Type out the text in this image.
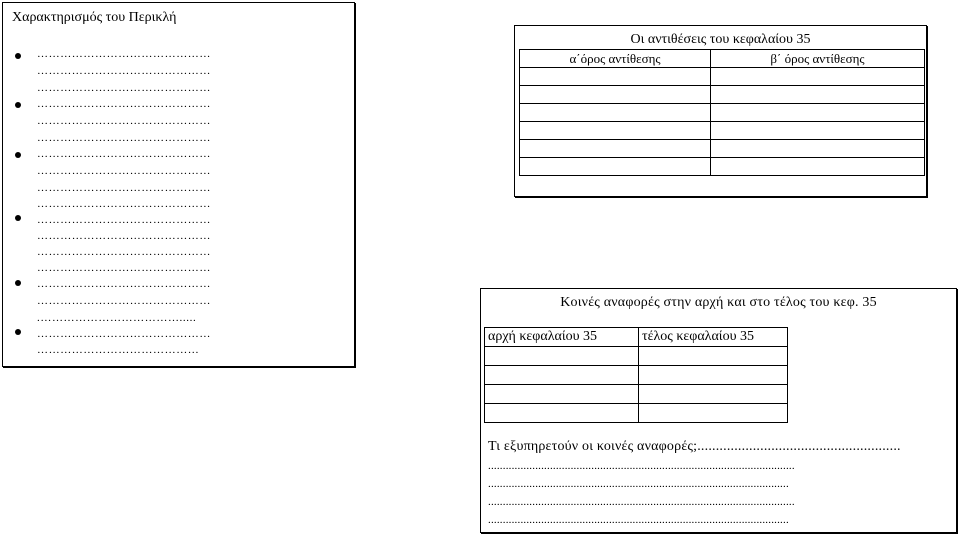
Χαρακτηρισμός του Περικλή
………………………………………
………………………………………
………………………………………
………………………………………
………………………………………
………………………………………
………………………………………
………………………………………
………………………………………
………………………………………
………………………………………
………………………………………
………………………………………
………………………………………
………………………………………
………………………………………
.……………………………….....
………………………………………
……………………………………
Οι αντιθέσεις του κεφαλαίου 35
α΄όρος αντίθεσης	β΄ όρος αντίθεσης

Κοινές αναφορές στην αρχή και στο τέλος του κεφ. 35
αρχή κεφαλαίου 35	τέλος κεφαλαίου 35

Τι εξυπηρετούν οι κοινές αναφορές;.......................................................
........................................................................................................
......................................................................................................
........................................................................................................
......................................................................................................
